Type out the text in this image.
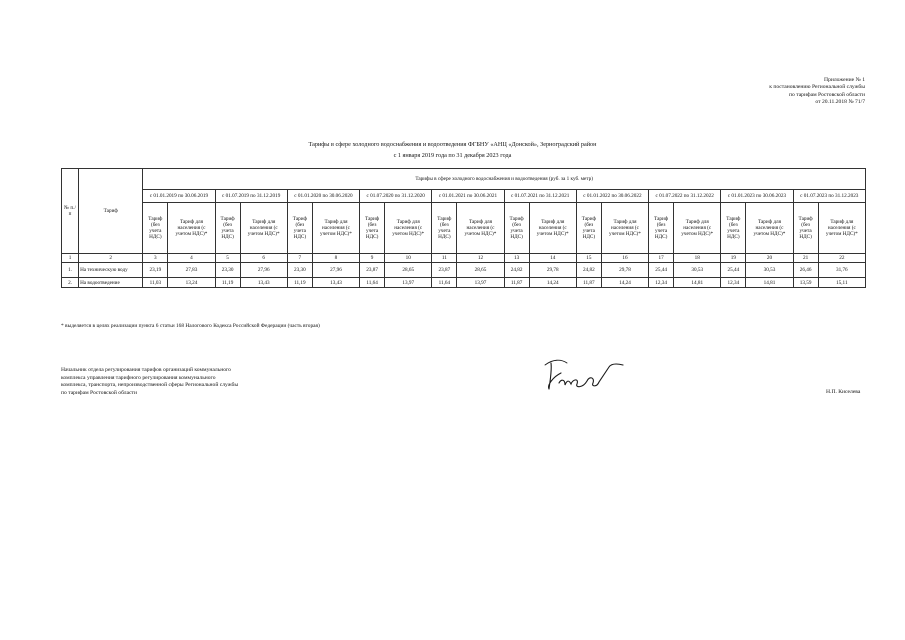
Приложение № 1
к постановлению Региональной службы
по тарифам Ростовской области
от 20.11.2018 № 71/7
Тарифы в сфере холодного водоснабжения и водоотведения ФГБНУ «АНЦ «Донской», Зерноградский район
с 1 января 2019 года по 31 декабря 2023 года
№ п./п	Тариф	Тарифы в сфере холодного водоснабжения и водоотведения (руб. за 1 куб. метр)																			
		с 01.01.2019 по 30.06.2019		с 01.07.2019 по 31.12.2019		с 01.01.2020 по 30.06.2020		с 01.07.2020 по 31.12.2020		с 01.01.2021 по 30.06.2021		с 01.07.2021 по 31.12.2021		с 01.01.2022 по 30.06.2022		с 01.07.2022 по 31.12.2022		с 01.01.2023 по 30.06.2023		с 01.07.2023 по 31.12.2023	
		Тариф (без учета НДС)	Тариф для населения (с учетом НДС)*	Тариф (без учета НДС)	Тариф для населения (с учетом НДС)*	Тариф (без учета НДС)	Тариф для населения (с учетом НДС)*	Тариф (без учета НДС)	Тариф для населения (с учетом НДС)*	Тариф (без учета НДС)	Тариф для населения (с учетом НДС)*	Тариф (без учета НДС)	Тариф для населения (с учетом НДС)*	Тариф (без учета НДС)	Тариф для населения (с учетом НДС)*	Тариф (без учета НДС)	Тариф для населения (с учетом НДС)*	Тариф (без учета НДС)	Тариф для населения (с учетом НДС)*	Тариф (без учета НДС)	Тариф для населения (с учетом НДС)*
1	2	3	4	5	6	7	8	9	10	11	12	13	14	15	16	17	18	19	20	21	22
1.	На техническую воду	23,19	27,83	23,30	27,96	23,30	27,96	23,87	28,65	23,87	28,65	24,82	29,78	24,82	29,78	25,44	30,53	25,44	30,53	26,46	31,76
2.	На водоотведение	11,03	13,24	11,19	13,43	11,19	13,43	11,64	13,97	11,64	13,97	11,87	14,24	11,87	14,24	12,34	14,81	12,34	14,81	13,59	15,11
* выделяется в целях реализации пункта 6 статьи 168 Налогового Кодекса Российской Федерации (часть вторая)
Начальник отдела регулирования тарифов организаций коммунального
комплекса управления тарифного регулирования коммунального
комплекса, транспорта, непроизводственной сферы Региональной службы
по тарифам Ростовской области	Н.П. Киселева
